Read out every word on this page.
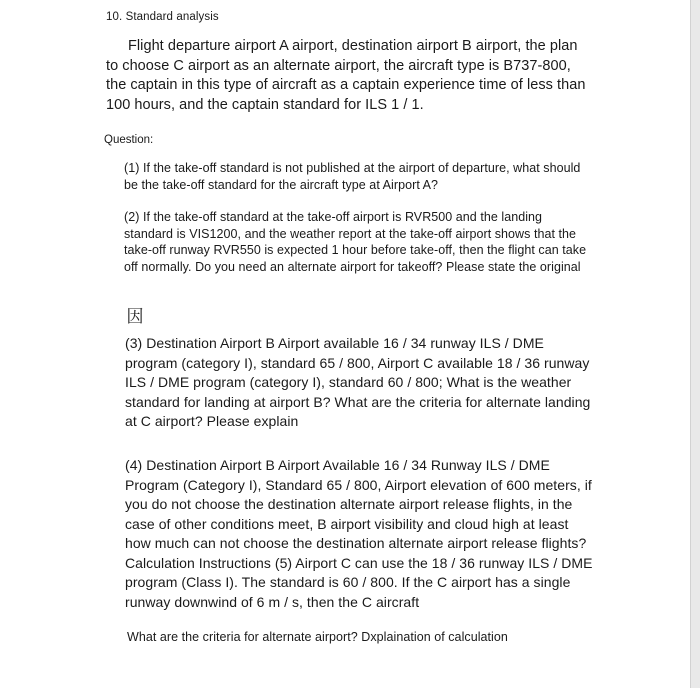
10. Standard analysis

Flight departure airport A airport, destination airport B airport, the plan to choose C airport as an alternate airport, the aircraft type is B737-800, the captain in this type of aircraft as a captain experience time of less than 100 hours, and the captain standard for ILS 1 / 1.

Question:

(1) If the take-off standard is not published at the airport of departure, what should be the take-off standard for the aircraft type at Airport A?

(2) If the take-off standard at the take-off airport is RVR500 and the landing standard is VIS1200, and the weather report at the take-off airport shows that the take-off runway RVR550 is expected 1 hour before take-off, then the flight can take off normally. Do you need an alternate airport for takeoff? Please state the original

因

(3) Destination Airport B Airport available 16 / 34 runway ILS / DME program (category I), standard 65 / 800, Airport C available 18 / 36 runway ILS / DME program (category I), standard 60 / 800; What is the weather standard for landing at airport B? What are the criteria for alternate landing at C airport? Please explain

(4) Destination Airport B Airport Available 16 / 34 Runway ILS / DME Program (Category I), Standard 65 / 800, Airport elevation of 600 meters, if you do not choose the destination alternate airport release flights, in the case of other conditions meet, B airport visibility and cloud high at least how much can not choose the destination alternate airport release flights? Calculation Instructions (5) Airport C can use the 18 / 36 runway ILS / DME program (Class I). The standard is 60 / 800. If the C airport has a single runway downwind of 6 m / s, then the C aircraft

What are the criteria for alternate airport? Dxplaination of calculation
